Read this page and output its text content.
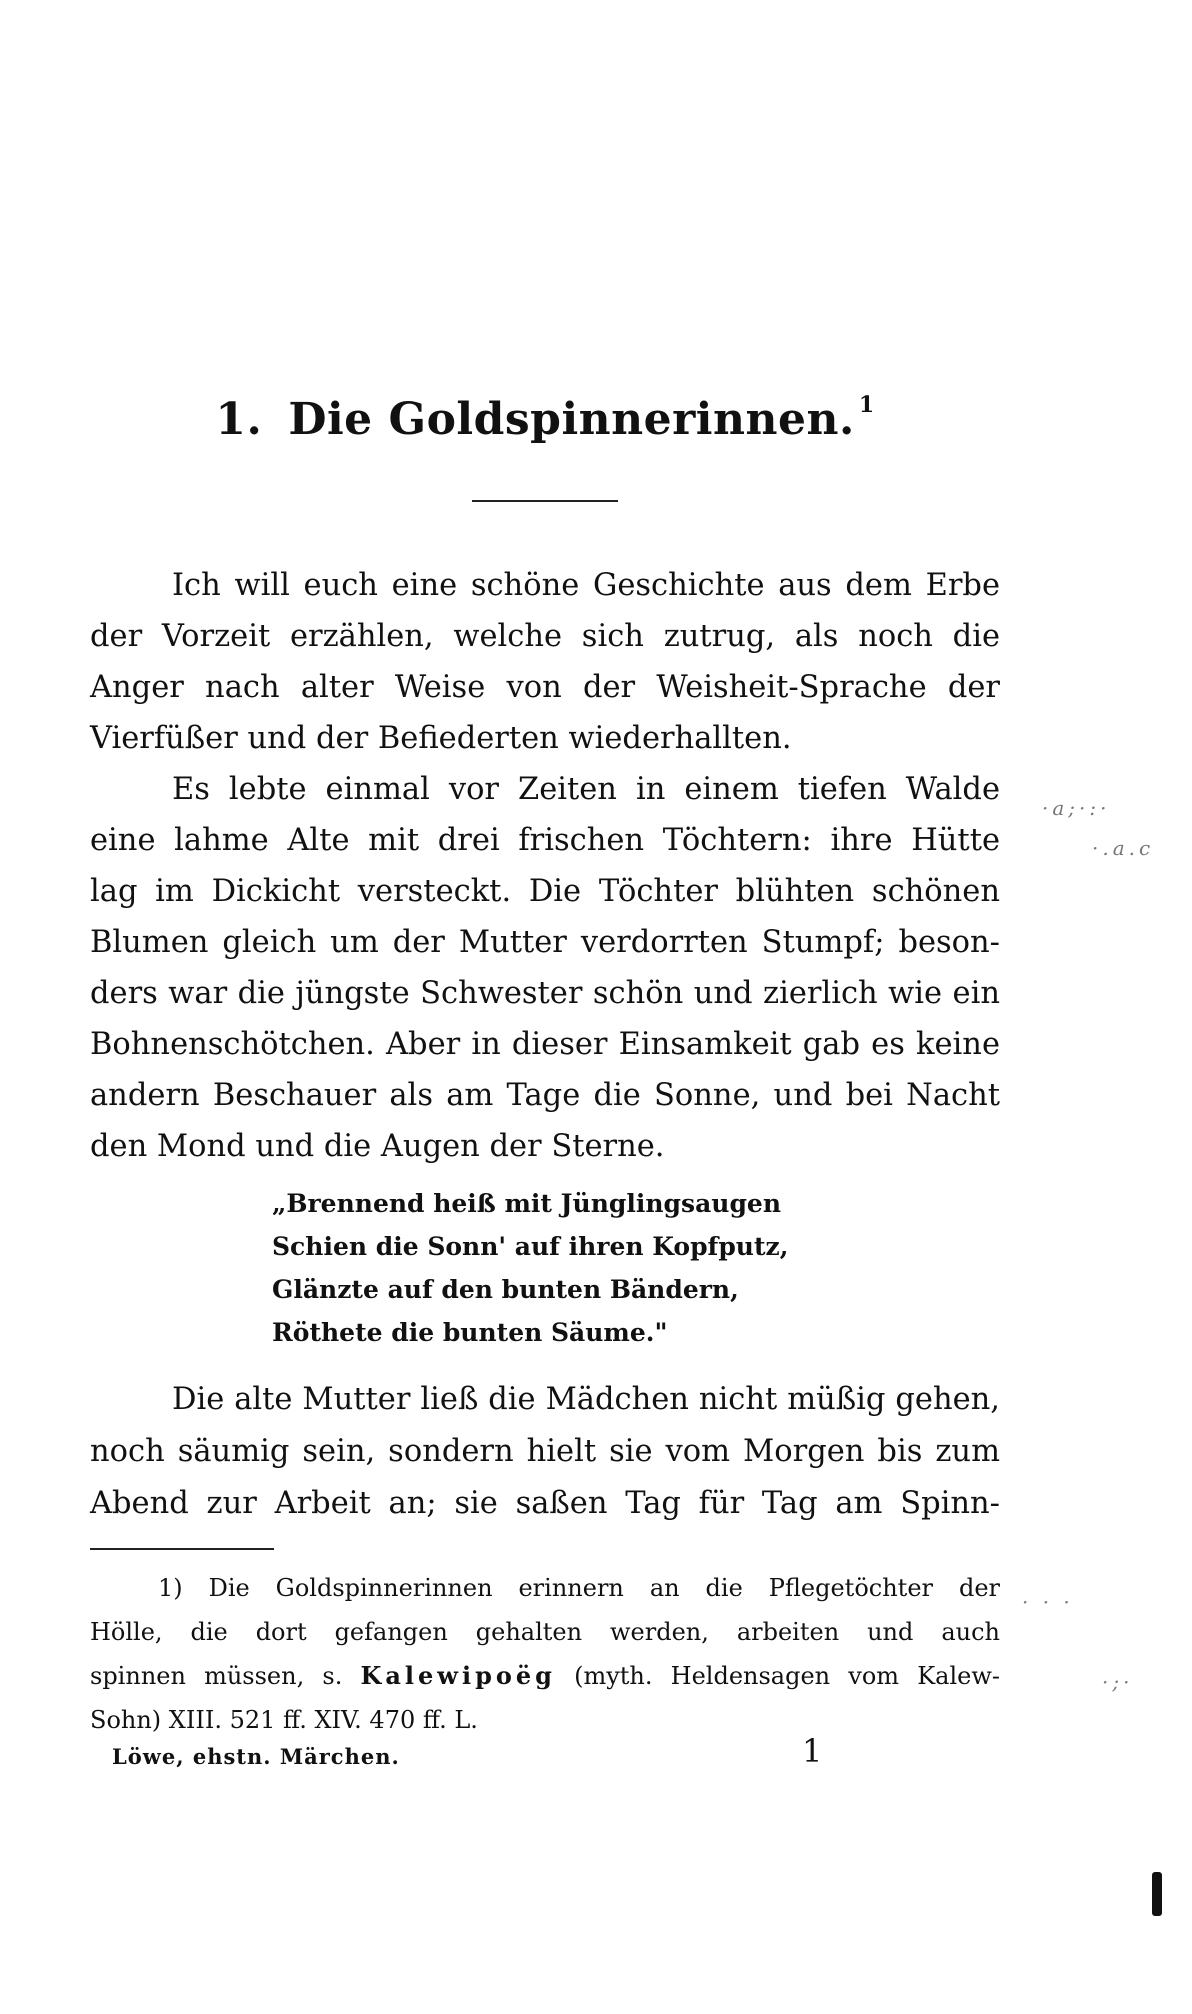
1. Die Goldspinnerinnen. $^1$
Ich will euch eine schöne Geschichte aus dem Erbe
der Vorzeit erzählen, welche sich zutrug, als noch die
Anger nach alter Weise von der Weisheit-Sprache der
Vierfüßer und der Befiederten wiederhallten.
Es lebte einmal vor Zeiten in einem tiefen Walde
eine lahme Alte mit drei frischen Töchtern: ihre Hütte
lag im Dickicht versteckt. Die Töchter blühten schönen
Blumen gleich um der Mutter verdorrten Stumpf; beson-
ders war die jüngste Schwester schön und zierlich wie ein
Bohnenschötchen. Aber in dieser Einsamkeit gab es keine
andern Beschauer als am Tage die Sonne, und bei Nacht
den Mond und die Augen der Sterne.
„Brennend heiß mit Jünglingsaugen
Schien die Sonn' auf ihren Kopfputz,
Glänzte auf den bunten Bändern,
Röthete die bunten Säume."
Die alte Mutter ließ die Mädchen nicht müßig gehen,
noch säumig sein, sondern hielt sie vom Morgen bis zum
Abend zur Arbeit an; sie saßen Tag für Tag am Spinn-
1) Die Goldspinnerinnen erinnern an die Pflegetöchter der
Hölle, die dort gefangen gehalten werden, arbeiten und auch
spinnen müssen, s. Kalewipoëg (myth. Heldensagen vom Kalew-
Sohn) XIII. 521 ff. XIV. 470 ff. L.
Löwe, ehstn. Märchen.	1
·a;·:·
·.a.c
· · ·
·;·
